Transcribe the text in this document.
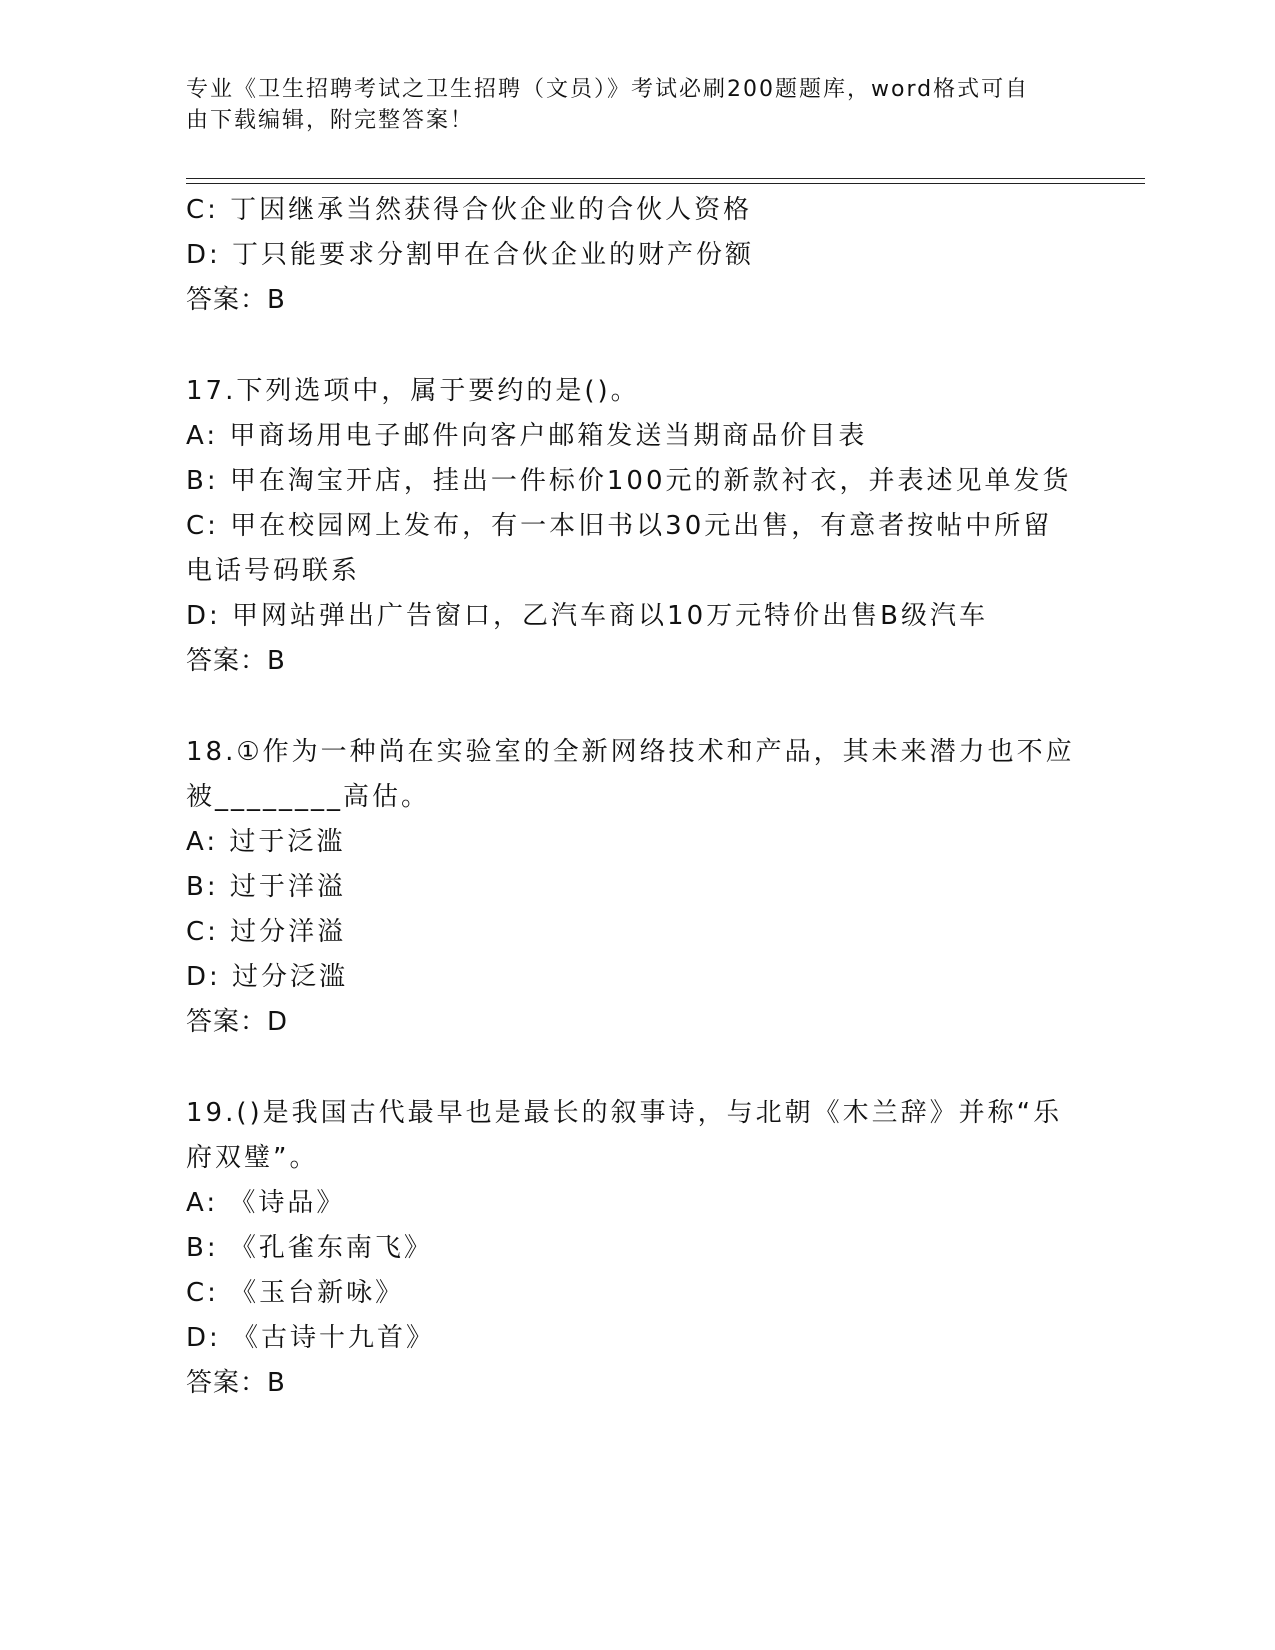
专业《卫生招聘考试之卫生招聘（文员）》考试必刷200题题库，word格式可自
由下载编辑，附完整答案！
C: 丁因继承当然获得合伙企业的合伙人资格
D: 丁只能要求分割甲在合伙企业的财产份额
答案：B
17.下列选项中，属于要约的是()。
A: 甲商场用电子邮件向客户邮箱发送当期商品价目表
B: 甲在淘宝开店，挂出一件标价100元的新款衬衣，并表述见单发货
C: 甲在校园网上发布，有一本旧书以30元出售，有意者按帖中所留
电话号码联系
D: 甲网站弹出广告窗口，乙汽车商以10万元特价出售B级汽车
答案：B
18.①作为一种尚在实验室的全新网络技术和产品，其未来潜力也不应
被________高估。
A: 过于泛滥
B: 过于洋溢
C: 过分洋溢
D: 过分泛滥
答案：D
19.()是我国古代最早也是最长的叙事诗，与北朝《木兰辞》并称“乐
府双璧”。
A: 《诗品》
B: 《孔雀东南飞》
C: 《玉台新咏》
D: 《古诗十九首》
答案：B
